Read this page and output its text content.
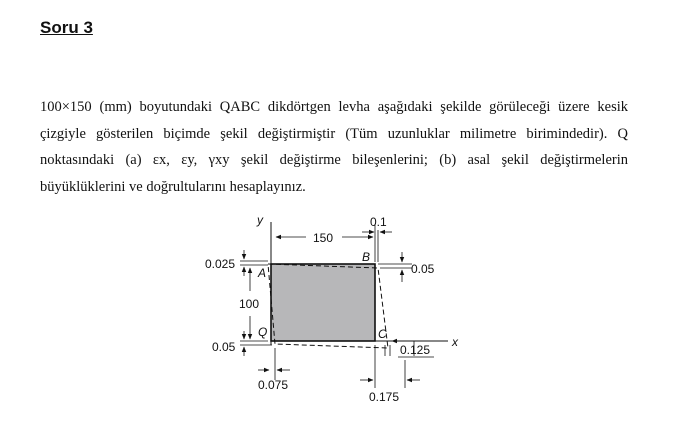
Soru 3

100×150 (mm) boyutundaki QABC dikdörtgen levha aşağıdaki şekilde görüleceği üzere kesik çizgiyle gösterilen biçimde şekil değiştirmiştir (Tüm uzunluklar milimetre birimindedir). Q noktasındaki (a) εx, εy, γxy şekil değiştirme bileşenlerini; (b) asal şekil değiştirmelerin büyüklüklerini ve doğrultularını hesaplayınız.

y
x
A
B
C
Q
150
0.1
0.025
100
0.05
0.05
0.125
0.075
0.175
